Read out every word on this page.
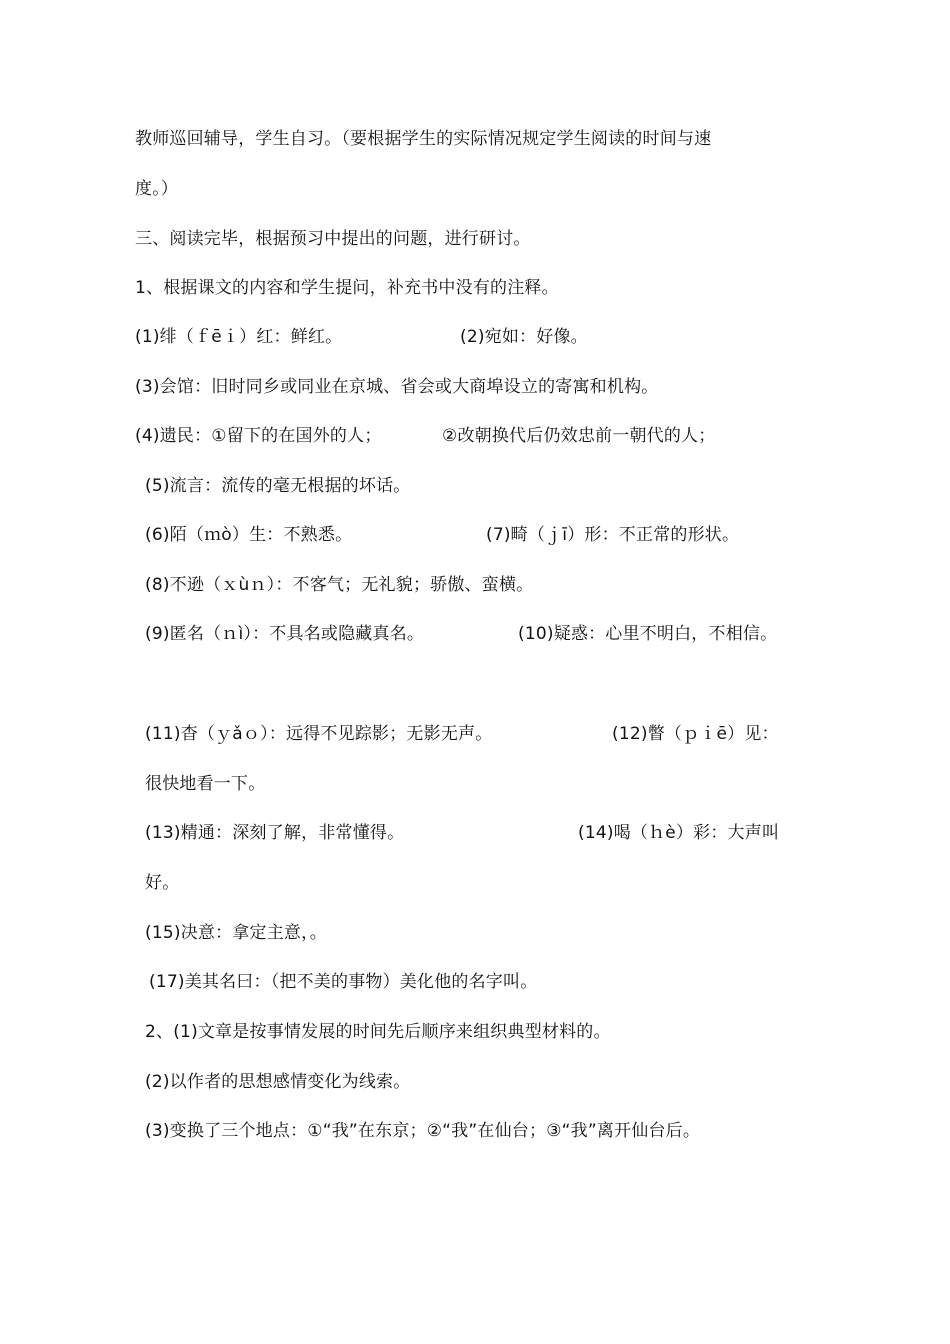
教师巡回辅导，学生自习。（要根据学生的实际情况规定学生阅读的时间与速
度。）
三、阅读完毕，根据预习中提出的问题，进行研讨。
1、根据课文的内容和学生提问，补充书中没有的注释。
(1)绯（ｆēｉ）红：鲜红。	(2)宛如：好像。
(3)会馆：旧时同乡或同业在京城、省会或大商埠设立的寄寓和机构。
(4)遗民：①留下的在国外的人；	②改朝换代后仍效忠前一朝代的人；
(5)流言：流传的毫无根据的坏话。
(6)陌（ｍò）生：不熟悉。	(7)畸（ｊī）形：不正常的形状。
(8)不逊（ｘùｎ）：不客气；无礼貌；骄傲、蛮横。
(9)匿名（ｎì）：不具名或隐藏真名。	(10)疑惑：心里不明白，不相信。
(11)杳（ｙǎｏ）：远得不见踪影；无影无声。	(12)瞥（ｐｉē）见：
很快地看一下。
(13)精通：深刻了解，非常懂得。	(14)喝（ｈè）彩：大声叫
好。
(15)决意：拿定主意，。
(17)美其名曰：（把不美的事物）美化他的名字叫。
2、(1)文章是按事情发展的时间先后顺序来组织典型材料的。
(2)以作者的思想感情变化为线索。
(3)变换了三个地点：①“我”在东京；②“我”在仙台；③“我”离开仙台后。
